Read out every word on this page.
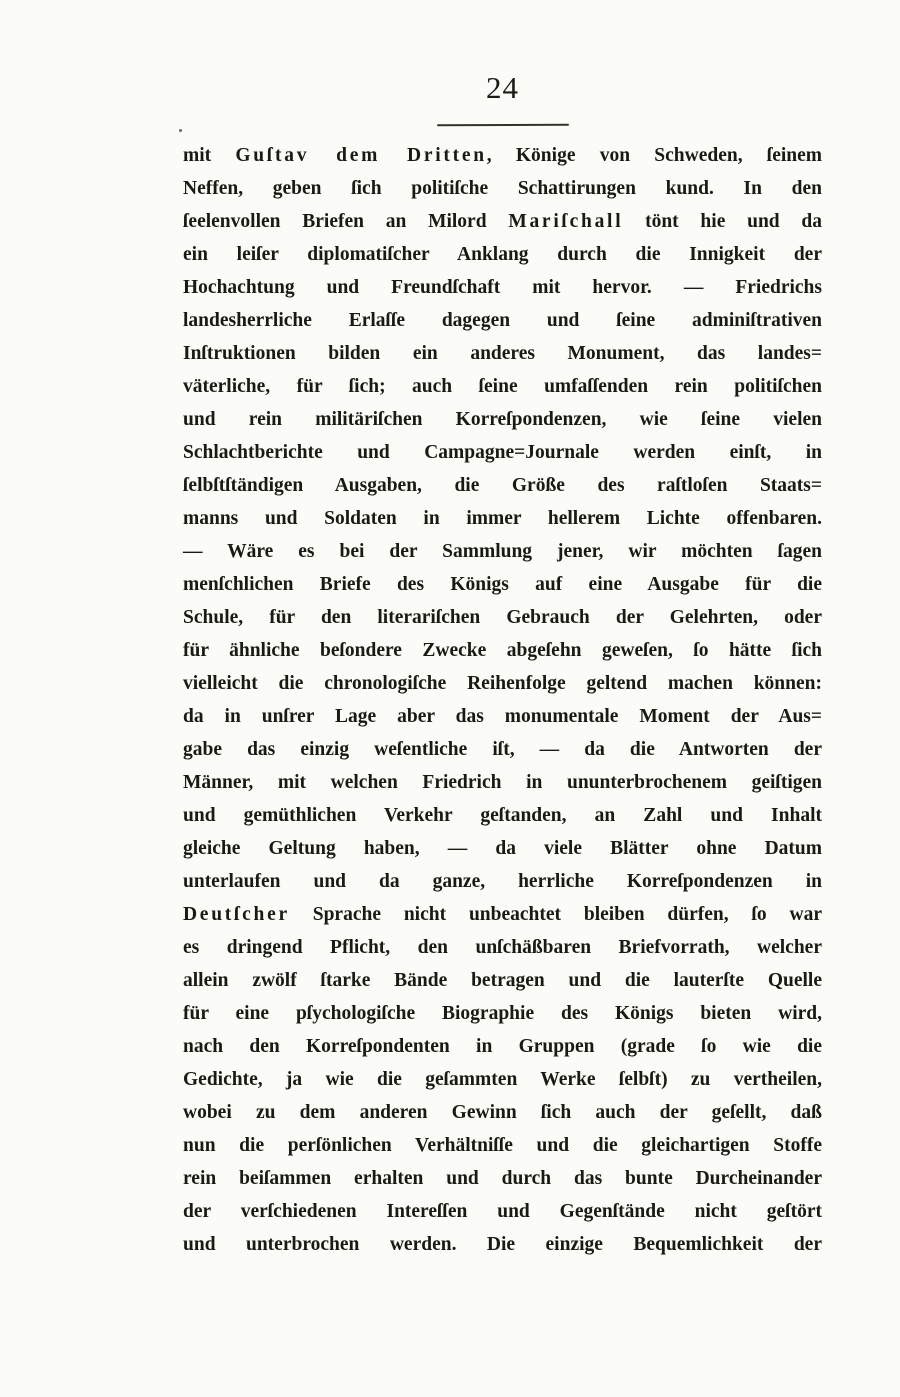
24
mit Guſtav dem Dritten, Könige von Schweden, ſeinem
Neffen, geben ſich politiſche Schattirungen kund. In den
ſeelenvollen Briefen an Milord Mariſchall tönt hie und da
ein leiſer diplomatiſcher Anklang durch die Innigkeit der
Hochachtung und Freundſchaft mit hervor. — Friedrichs
landesherrliche Erlaſſe dagegen und ſeine adminiſtrativen
Inſtruktionen bilden ein anderes Monument, das landes=
väterliche, für ſich; auch ſeine umfaſſenden rein politiſchen
und rein militäriſchen Korreſpondenzen, wie ſeine vielen
Schlachtberichte und Campagne=Journale werden einſt, in
ſelbſtſtändigen Ausgaben, die Größe des raſtloſen Staats=
manns und Soldaten in immer hellerem Lichte offenbaren.
— Wäre es bei der Sammlung jener, wir möchten ſagen
menſchlichen Briefe des Königs auf eine Ausgabe für die
Schule, für den literariſchen Gebrauch der Gelehrten, oder
für ähnliche beſondere Zwecke abgeſehn geweſen, ſo hätte ſich
vielleicht die chronologiſche Reihenfolge geltend machen können:
da in unſrer Lage aber das monumentale Moment der Aus=
gabe das einzig weſentliche iſt, — da die Antworten der
Männer, mit welchen Friedrich in ununterbrochenem geiſtigen
und gemüthlichen Verkehr geſtanden, an Zahl und Inhalt
gleiche Geltung haben, — da viele Blätter ohne Datum
unterlaufen und da ganze, herrliche Korreſpondenzen in
Deutſcher Sprache nicht unbeachtet bleiben dürfen, ſo war
es dringend Pflicht, den unſchäßbaren Briefvorrath, welcher
allein zwölf ſtarke Bände betragen und die lauterſte Quelle
für eine pſychologiſche Biographie des Königs bieten wird,
nach den Korreſpondenten in Gruppen (grade ſo wie die
Gedichte, ja wie die geſammten Werke ſelbſt) zu vertheilen,
wobei zu dem anderen Gewinn ſich auch der geſellt, daß
nun die perſönlichen Verhältniſſe und die gleichartigen Stoffe
rein beiſammen erhalten und durch das bunte Durcheinander
der verſchiedenen Intereſſen und Gegenſtände nicht geſtört
und unterbrochen werden. Die einzige Bequemlichkeit der
